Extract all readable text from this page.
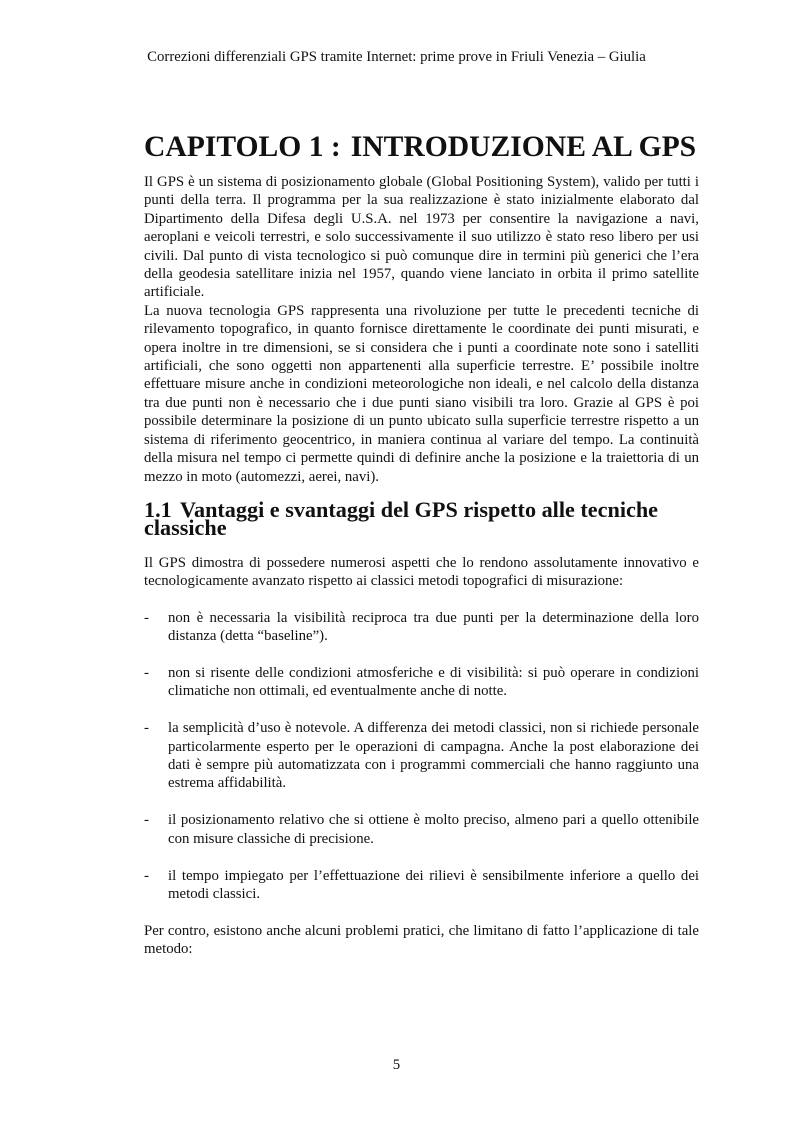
Correzioni differenziali GPS tramite Internet: prime prove in Friuli Venezia – Giulia
CAPITOLO 1 : INTRODUZIONE AL GPS

Il GPS è un sistema di posizionamento globale (Global Positioning System), valido per tutti i punti della terra. Il programma per la sua realizzazione è stato inizialmente elaborato dal Dipartimento della Difesa degli U.S.A. nel 1973 per consentire la navigazione a navi, aeroplani e veicoli terrestri, e solo successivamente il suo utilizzo è stato reso libero per usi civili. Dal punto di vista tecnologico si può comunque dire in termini più generici che l’era della geodesia satellitare inizia nel 1957, quando viene lanciato in orbita il primo satellite artificiale.

La nuova tecnologia GPS rappresenta una rivoluzione per tutte le precedenti tecniche di rilevamento topografico, in quanto fornisce direttamente le coordinate dei punti misurati, e opera inoltre in tre dimensioni, se si considera che i punti a coordinate note sono i satelliti artificiali, che sono oggetti non appartenenti alla superficie terrestre. E’ possibile inoltre effettuare misure anche in condizioni meteorologiche non ideali, e nel calcolo della distanza tra due punti non è necessario che i due punti siano visibili tra loro. Grazie al GPS è poi possibile determinare la posizione di un punto ubicato sulla superficie terrestre rispetto a un sistema di riferimento geocentrico, in maniera continua al variare del tempo. La continuità della misura nel tempo ci permette quindi di definire anche la posizione e la traiettoria di un mezzo in moto (automezzi, aerei, navi).

1.1 Vantaggi e svantaggi del GPS rispetto alle tecniche classiche

Il GPS dimostra di possedere numerosi aspetti che lo rendono assolutamente innovativo e tecnologicamente avanzato rispetto ai classici metodi topografici di misurazione:

- non è necessaria la visibilità reciproca tra due punti per la determinazione della loro distanza (detta “baseline”).
- non si risente delle condizioni atmosferiche e di visibilità: si può operare in condizioni climatiche non ottimali, ed eventualmente anche di notte.
- la semplicità d’uso è notevole. A differenza dei metodi classici, non si richiede personale particolarmente esperto per le operazioni di campagna. Anche la post elaborazione dei dati è sempre più automatizzata con i programmi commerciali che hanno raggiunto una estrema affidabilità.
- il posizionamento relativo che si ottiene è molto preciso, almeno pari a quello ottenibile con misure classiche di precisione.
- il tempo impiegato per l’effettuazione dei rilievi è sensibilmente inferiore a quello dei metodi classici.

Per contro, esistono anche alcuni problemi pratici, che limitano di fatto l’applicazione di tale metodo:

5
